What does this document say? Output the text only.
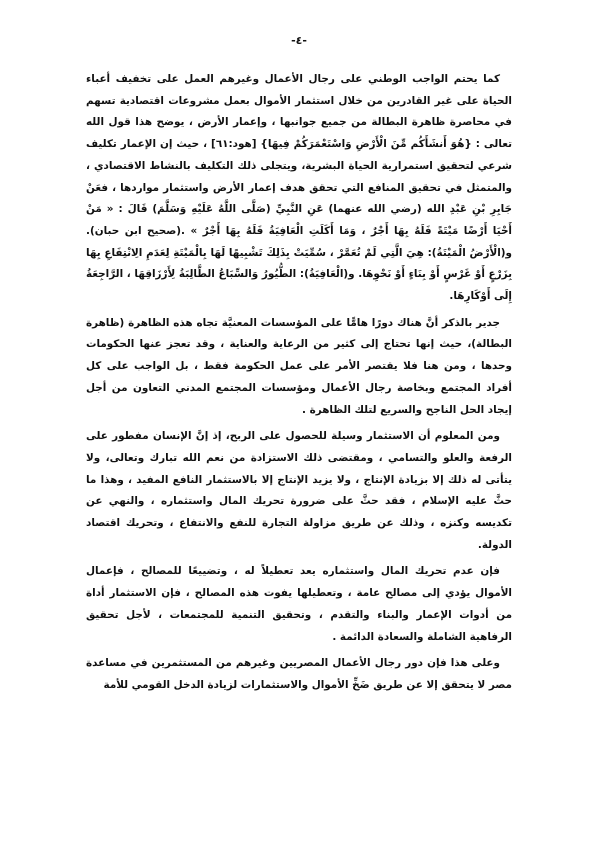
-٤-

كما يحتم الواجب الوطني على رجال الأعمال وغيرهم العمل على تخفيف أعباء الحياة على غير القادرين من خلال استثمار الأموال بعمل مشروعات اقتصادية تسهم في محاصرة ظاهرة البطالة من جميع جوانبها ، وإعمار الأرض ، يوضح هذا قول الله تعالى : {هُوَ أَنشَأَكُم مِّنَ الْأَرْضِ وَاسْتَعْمَرَكُمْ فِيهَا} [هود:٦١] ، حيث إن الإعمار تكليف شرعي لتحقيق استمرارية الحياة البشرية، ويتجلى ذلك التكليف بالنشاط الاقتصادي ، والمتمثل في تحقيق المنافع التي تحقق هدف إعمار الأرض واستثمار مواردها ، فعَنْ جَابِرِ بْنِ عَبْدِ الله (رضي الله عنهما) عَنِ النَّبِيِّ (صَلَّى اللَّهُ عَلَيْهِ وَسَلَّمَ) قَالَ : « مَنْ أَحْيَا أَرْضًا مَيْتَةً فَلَهُ بِهَا أَجْرٌ ، وَمَا أَكَلَتِ الْعَافِيَةُ فَلَهُ بِهَا أَجْرٌ » .(صحيح ابن حبان). و(الْأَرْضُ الْمَيْتَةُ): هِيَ الَّتِي لَمْ تُعَمَّرْ ، سُمِّيَتْ بِذَلِكَ تَشْبِيهًا لَهَا بِالْمَيْتَةِ لِعَدَمِ الِانْتِفَاعِ بِهَا بِزَرْعٍ أَوْ غَرْسٍ أَوْ بِنَاءٍ أَوْ نَحْوِهَا. و(الْعَافِيَةُ): الطُّيُورُ وَالسِّبَاعُ الطَّالِبَةُ لِأَرْزَاقِهَا ، الرَّاجِعَةُ إِلَى أَوْكَارِهَا.

جدير بالذكر أنَّ هناك دورًا هامًّا على المؤسسات المعنيَّة تجاه هذه الظاهرة (ظاهرة البطالة)، حيث إنها تحتاج إلى كثير من الرعاية والعناية ، وقد تعجز عنها الحكومات وحدها ، ومن هنا فلا يقتصر الأمر على عمل الحكومة فقط ، بل الواجب على كل أفراد المجتمع وبخاصة رجال الأعمال ومؤسسات المجتمع المدني التعاون من أجل إيجاد الحل الناجح والسريع لتلك الظاهرة .

ومن المعلوم أن الاستثمار وسيلة للحصول على الربح، إذ إنَّ الإنسان مفطور على الرفعة والعلو والتسامي ، ومقتضى ذلك الاستزادة من نعم الله تبارك وتعالى، ولا يتأتى له ذلك إلا بزيادة الإنتاج ، ولا يزيد الإنتاج إلا بالاستثمار النافع المفيد ، وهذا ما حثَّ عليه الإسلام ، فقد حثَّ على ضرورة تحريك المال واستثماره ، والنهي عن تكديسه وكنزه ، وذلك عن طريق مزاولة التجارة للنفع والانتفاع ، وتحريك اقتصاد الدولة.

فإن عدم تحريك المال واستثماره يعد تعطيلاً له ، وتضييعًا للمصالح ، فإعمال الأموال يؤدي إلى مصالح عامة ، وتعطيلها يفوت هذه المصالح ، فإن الاستثمار أداة من أدوات الإعمار والبناء والتقدم ، وتحقيق التنمية للمجتمعات ، لأجل تحقيق الرفاهية الشاملة والسعادة الدائمة .

وعلى هذا فإن دور رجال الأعمال المصريين وغيرهم من المستثمرين في مساعدة مصر لا يتحقق إلا عن طريق ضَخِّ الأموال والاستثمارات لزيادة الدخل القومي للأمة
